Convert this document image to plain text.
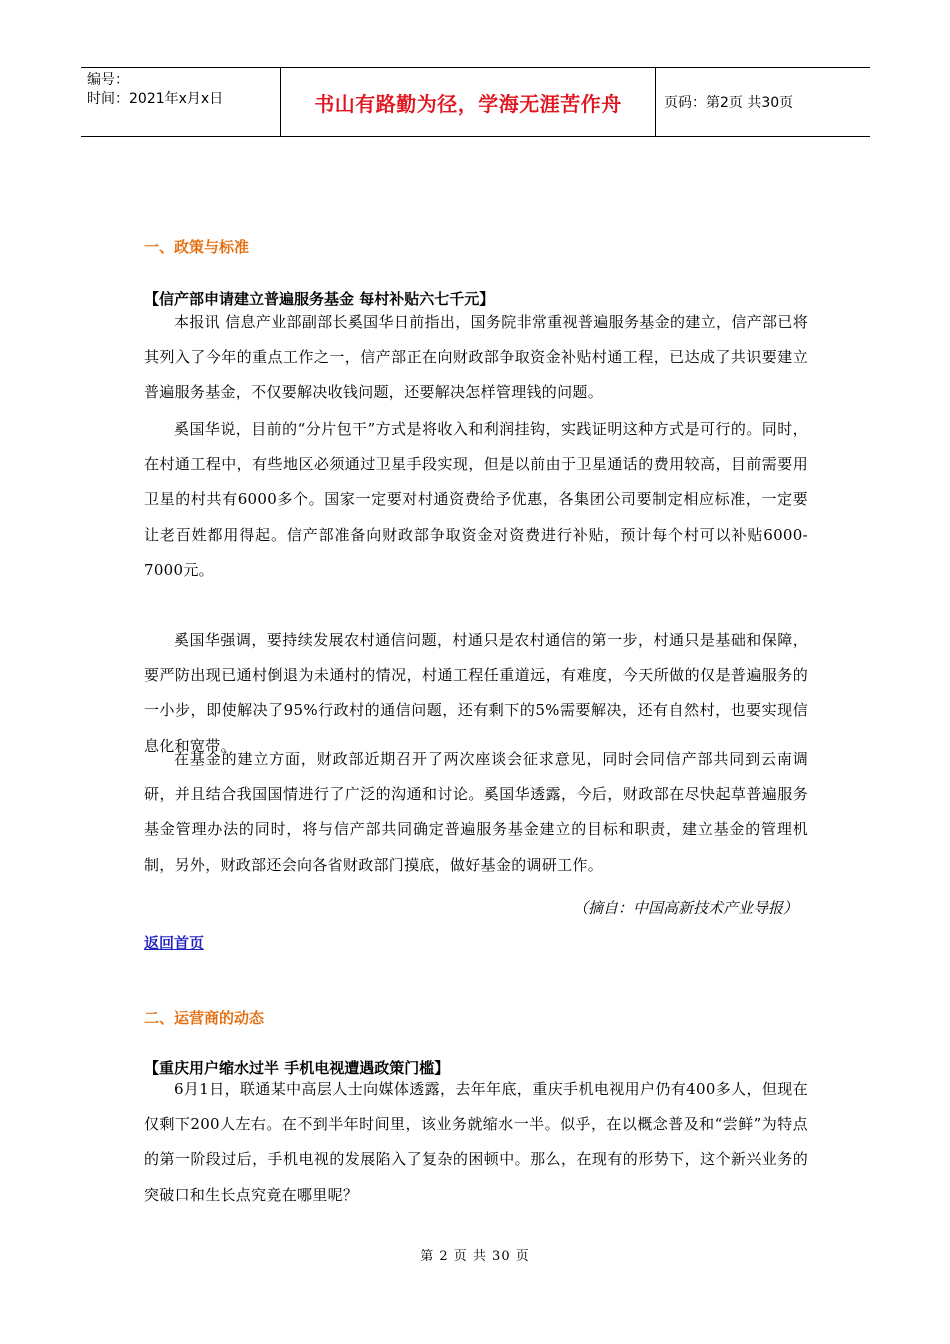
编号：
时间：2021年x月x日	书山有路勤为径，学海无涯苦作舟	页码：第2页 共30页
一、政策与标准
【信产部申请建立普遍服务基金 每村补贴六七千元】
本报讯 信息产业部副部长奚国华日前指出，国务院非常重视普遍服务基金的建立，信产部已将其列入了今年的重点工作之一，信产部正在向财政部争取资金补贴村通工程，已达成了共识要建立普遍服务基金，不仅要解决收钱问题，还要解决怎样管理钱的问题。
奚国华说，目前的“分片包干”方式是将收入和利润挂钩，实践证明这种方式是可行的。同时，在村通工程中，有些地区必须通过卫星手段实现，但是以前由于卫星通话的费用较高，目前需要用卫星的村共有6000多个。国家一定要对村通资费给予优惠，各集团公司要制定相应标准，一定要让老百姓都用得起。信产部准备向财政部争取资金对资费进行补贴，预计每个村可以补贴6000-7000元。
奚国华强调，要持续发展农村通信问题，村通只是农村通信的第一步，村通只是基础和保障，要严防出现已通村倒退为未通村的情况，村通工程任重道远，有难度，今天所做的仅是普遍服务的一小步，即使解决了95%行政村的通信问题，还有剩下的5%需要解决，还有自然村，也要实现信息化和宽带。
在基金的建立方面，财政部近期召开了两次座谈会征求意见，同时会同信产部共同到云南调研，并且结合我国国情进行了广泛的沟通和讨论。奚国华透露，今后，财政部在尽快起草普遍服务基金管理办法的同时，将与信产部共同确定普遍服务基金建立的目标和职责，建立基金的管理机制，另外，财政部还会向各省财政部门摸底，做好基金的调研工作。
（摘自：中国高新技术产业导报）
返回首页
二、运营商的动态
【重庆用户缩水过半 手机电视遭遇政策门槛】
6月1日，联通某中高层人士向媒体透露，去年年底，重庆手机电视用户仍有400多人，但现在仅剩下200人左右。在不到半年时间里，该业务就缩水一半。似乎，在以概念普及和“尝鲜”为特点的第一阶段过后，手机电视的发展陷入了复杂的困顿中。那么，在现有的形势下，这个新兴业务的突破口和生长点究竟在哪里呢？
第 2 页 共 30 页
